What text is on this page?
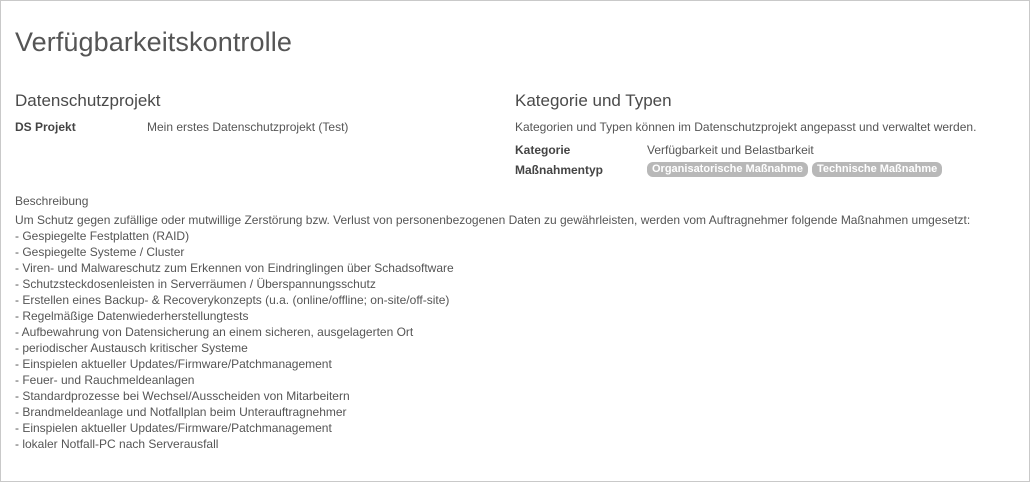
Verfügbarkeitskontrolle
Datenschutzprojekt
DS Projekt	Mein erstes Datenschutzprojekt (Test)
Kategorie und Typen
Kategorien und Typen können im Datenschutzprojekt angepasst und verwaltet werden.
Kategorie	Verfügbarkeit und Belastbarkeit
Maßnahmentyp	Organisatorische Maßnahme	Technische Maßnahme
Beschreibung
Um Schutz gegen zufällige oder mutwillige Zerstörung bzw. Verlust von personenbezogenen Daten zu gewährleisten, werden vom Auftragnehmer folgende Maßnahmen umgesetzt:
- Gespiegelte Festplatten (RAID)
- Gespiegelte Systeme / Cluster
- Viren- und Malwareschutz zum Erkennen von Eindringlingen über Schadsoftware
- Schutzsteckdosenleisten in Serverräumen / Überspannungsschutz
- Erstellen eines Backup- & Recoverykonzepts (u.a. (online/offline; on-site/off-site)
- Regelmäßige Datenwiederherstellungtests
- Aufbewahrung von Datensicherung an einem sicheren, ausgelagerten Ort
- periodischer Austausch kritischer Systeme
- Einspielen aktueller Updates/Firmware/Patchmanagement
- Feuer- und Rauchmeldeanlagen
- Standardprozesse bei Wechsel/Ausscheiden von Mitarbeitern
- Brandmeldeanlage und Notfallplan beim Unterauftragnehmer
- Einspielen aktueller Updates/Firmware/Patchmanagement
- lokaler Notfall-PC nach Serverausfall
